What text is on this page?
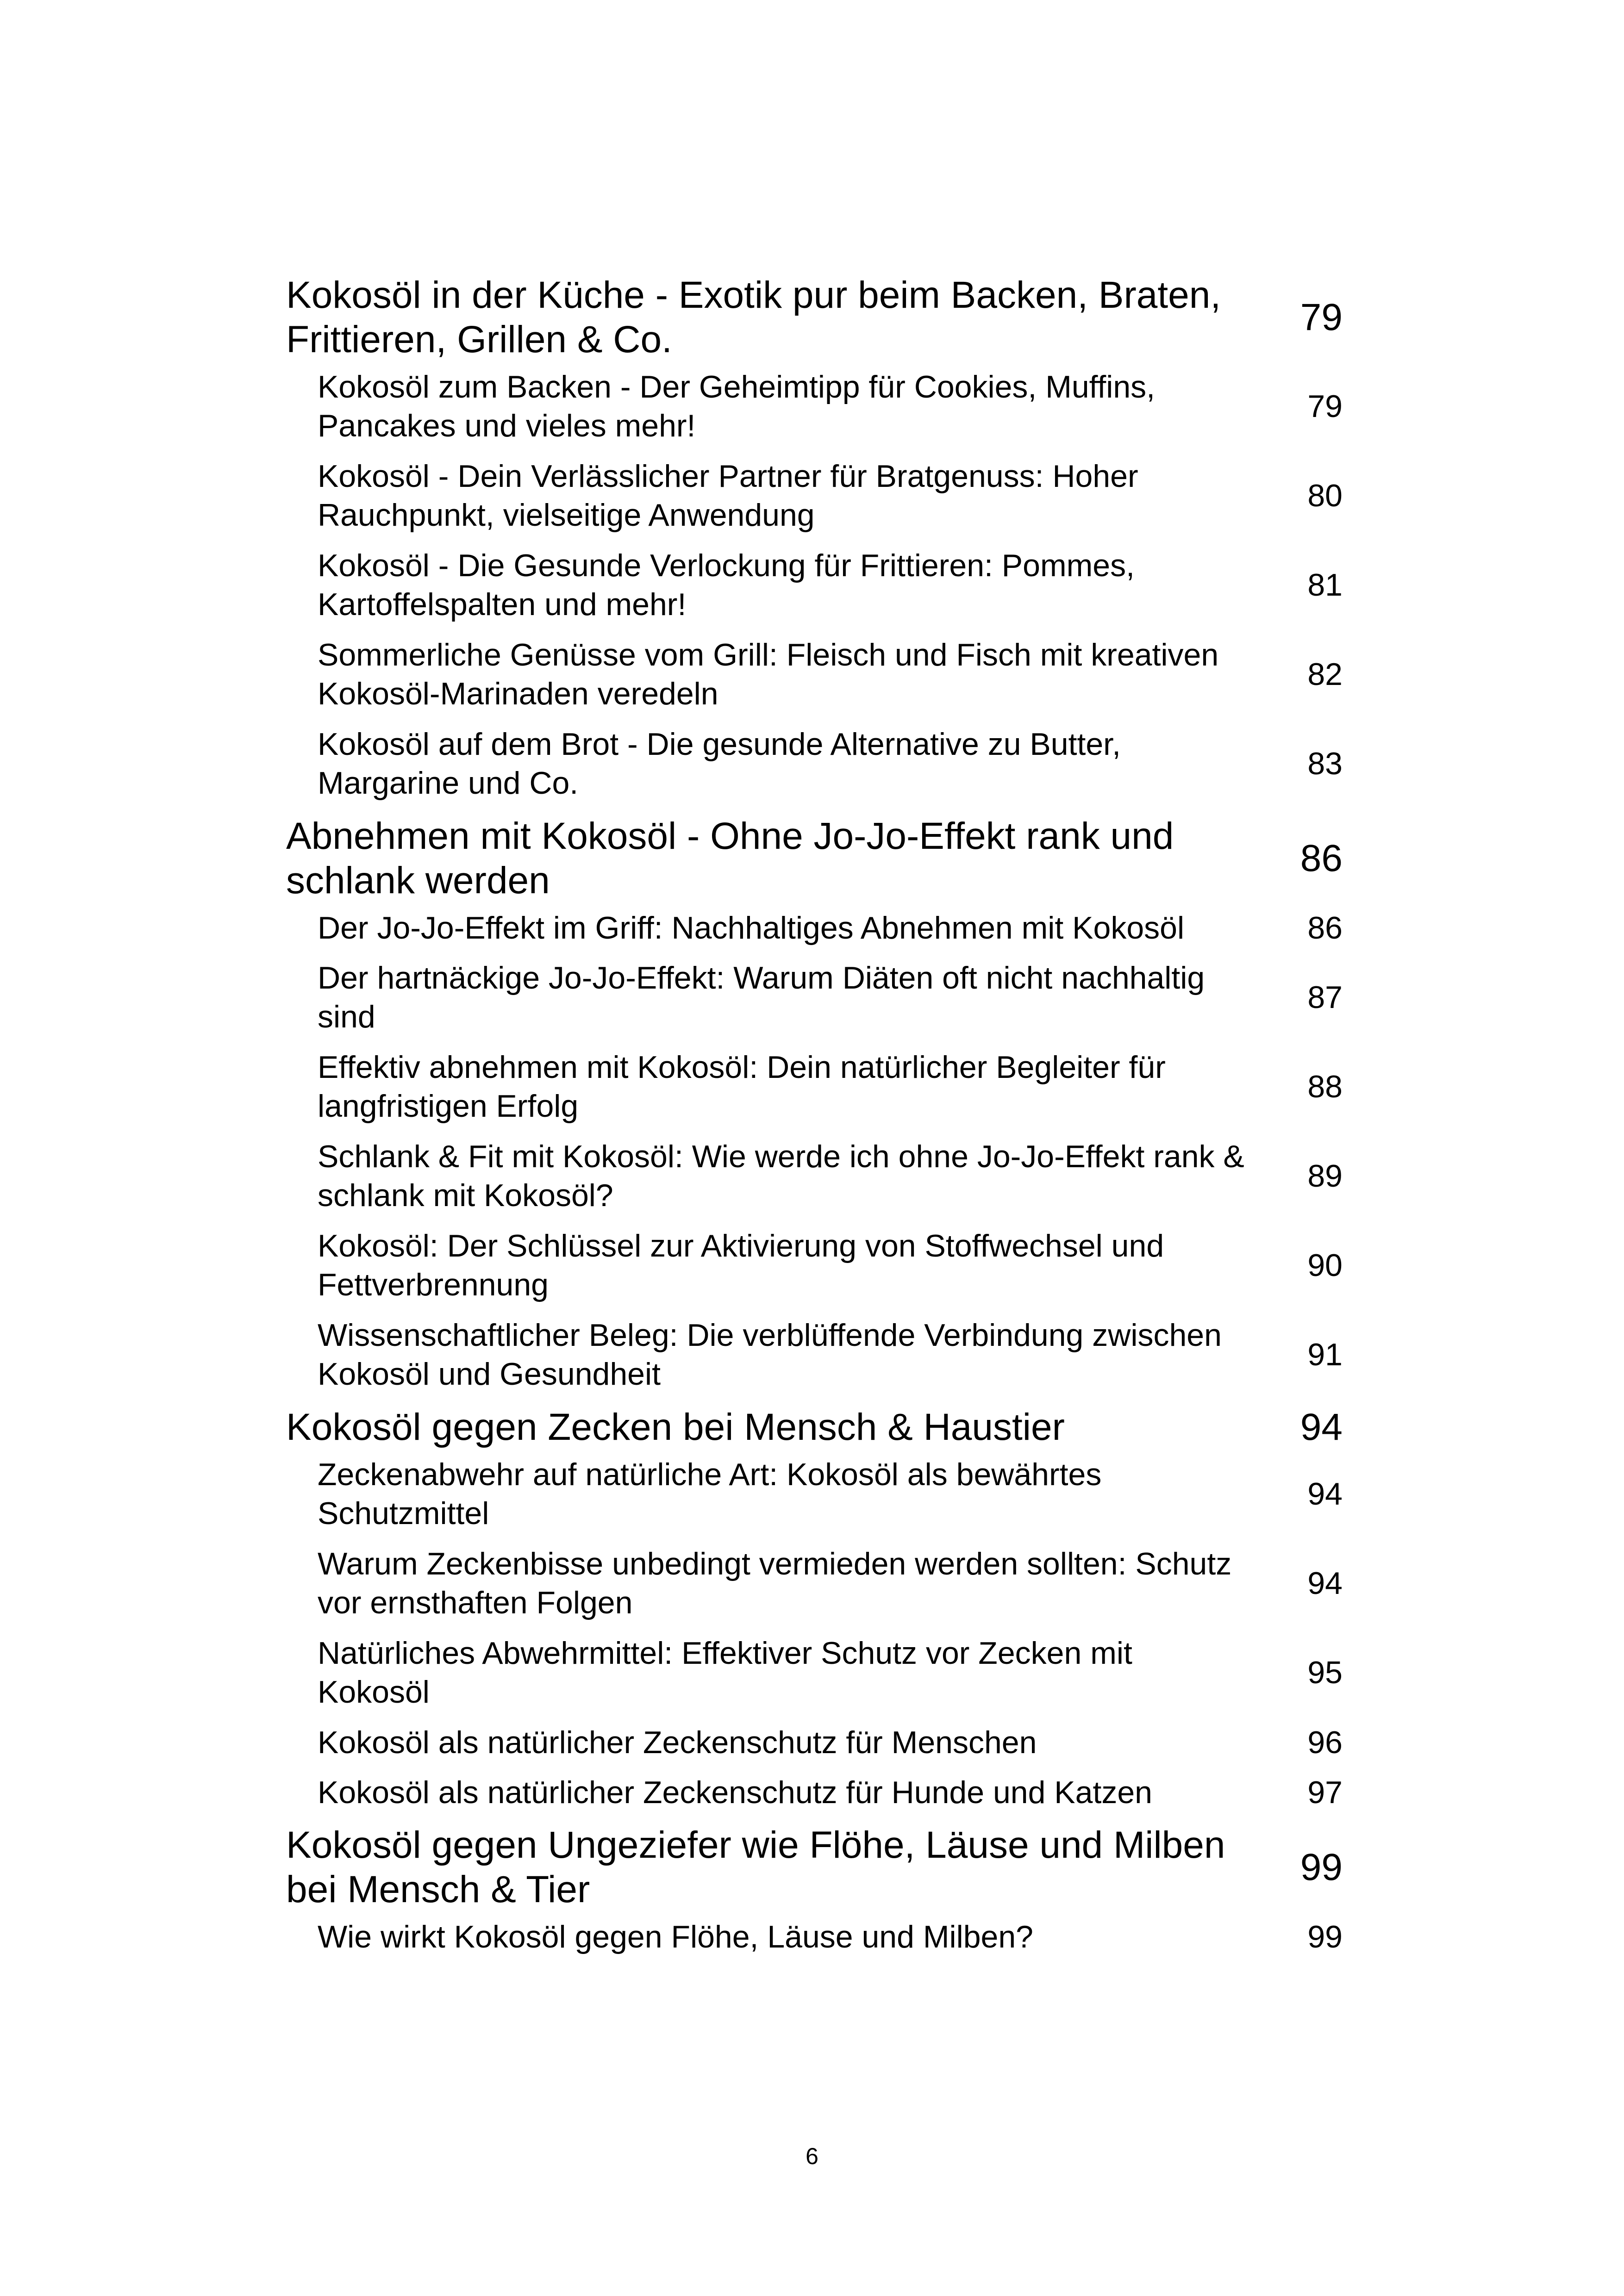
Kokosöl in der Küche - Exotik pur beim Backen, Braten, Frittieren, Grillen & Co.
79
Kokosöl zum Backen - Der Geheimtipp für Cookies, Muffins, Pancakes und vieles mehr!
79
Kokosöl - Dein Verlässlicher Partner für Bratgenuss: Hoher Rauchpunkt, vielseitige Anwendung
80
Kokosöl - Die Gesunde Verlockung für Frittieren: Pommes, Kartoffelspalten und mehr!
81
Sommerliche Genüsse vom Grill: Fleisch und Fisch mit kreativen Kokosöl-Marinaden veredeln
82
Kokosöl auf dem Brot - Die gesunde Alternative zu Butter, Margarine und Co.
83
Abnehmen mit Kokosöl - Ohne Jo-Jo-Effekt rank und schlank werden
86
Der Jo-Jo-Effekt im Griff: Nachhaltiges Abnehmen mit Kokosöl	86
Der hartnäckige Jo-Jo-Effekt: Warum Diäten oft nicht nachhaltig sind
87
Effektiv abnehmen mit Kokosöl: Dein natürlicher Begleiter für langfristigen Erfolg
88
Schlank & Fit mit Kokosöl: Wie werde ich ohne Jo-Jo-Effekt rank & schlank mit Kokosöl?
89
Kokosöl: Der Schlüssel zur Aktivierung von Stoffwechsel und Fettverbrennung
90
Wissenschaftlicher Beleg: Die verblüffende Verbindung zwischen Kokosöl und Gesundheit
91
Kokosöl gegen Zecken bei Mensch & Haustier	94
Zeckenabwehr auf natürliche Art: Kokosöl als bewährtes Schutzmittel
94
Warum Zeckenbisse unbedingt vermieden werden sollten: Schutz vor ernsthaften Folgen
94
Natürliches Abwehrmittel: Effektiver Schutz vor Zecken mit Kokosöl
95
Kokosöl als natürlicher Zeckenschutz für Menschen	96
Kokosöl als natürlicher Zeckenschutz für Hunde und Katzen	97
Kokosöl gegen Ungeziefer wie Flöhe, Läuse und Milben bei Mensch & Tier
99
Wie wirkt Kokosöl gegen Flöhe, Läuse und Milben?	99
6
